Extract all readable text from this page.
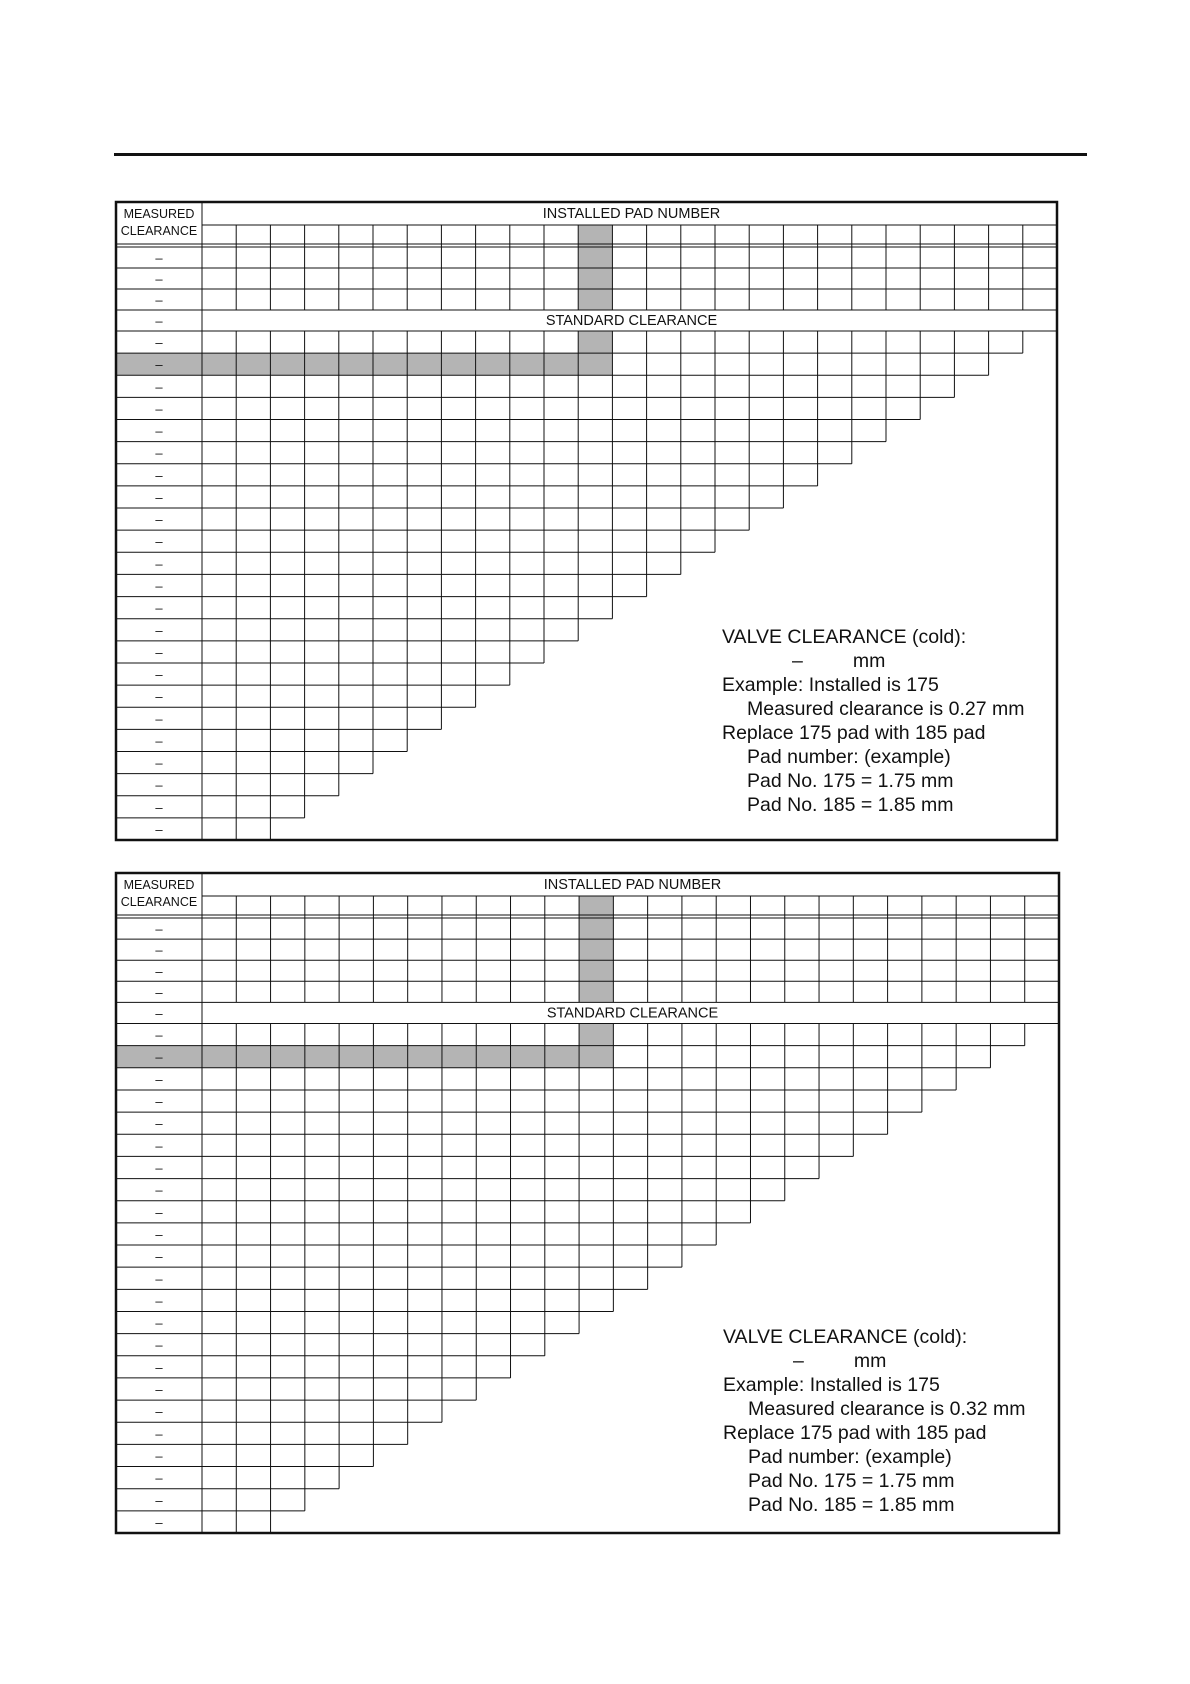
MEASURED
CLEARANCE
INSTALLED PAD NUMBER
STANDARD CLEARANCE
–
–
–
–
–
–
–
–
–
–
–
–
–
–
–
–
–
–
–
–
–
–
–
–
–
–
–
MEASURED
CLEARANCE
INSTALLED PAD NUMBER
STANDARD CLEARANCE
–
–
–
–
–
–
–
–
–
–
–
–
–
–
–
–
–
–
–
–
–
–
–
–
–
–
–
–
VALVE CLEARANCE (cold):
–	mm
Example: Installed is 175
Measured clearance is 0.27 mm
Replace 175 pad with 185 pad
Pad number: (example)
Pad No. 175 = 1.75 mm
Pad No. 185 = 1.85 mm
VALVE CLEARANCE (cold):
–	mm
Example: Installed is 175
Measured clearance is 0.32 mm
Replace 175 pad with 185 pad
Pad number: (example)
Pad No. 175 = 1.75 mm
Pad No. 185 = 1.85 mm
